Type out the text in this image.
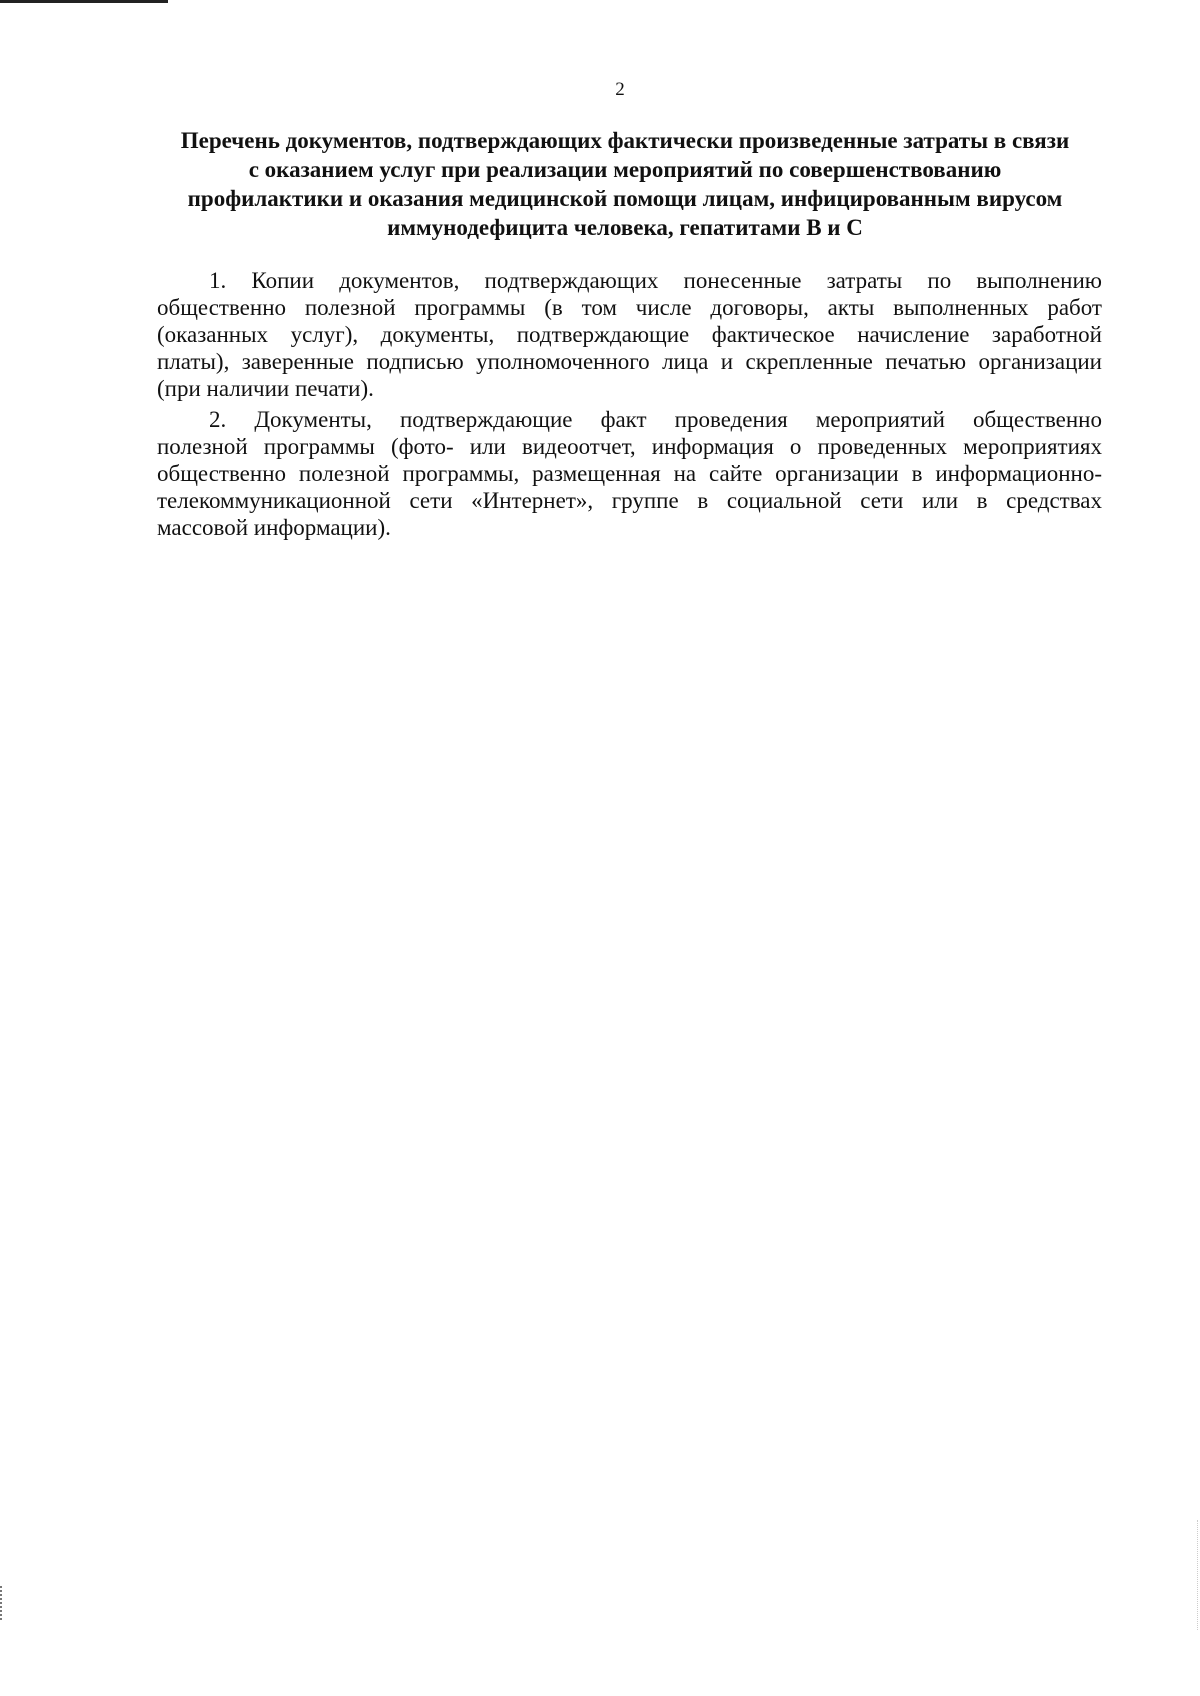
2
Перечень документов, подтверждающих фактически произведенные затраты в связи
с оказанием услуг при реализации мероприятий по совершенствованию
профилактики и оказания медицинской помощи лицам, инфицированным вирусом
иммунодефицита человека, гепатитами В и С

1. Копии документов, подтверждающих понесенные затраты по выполнению
общественно полезной программы (в том числе договоры, акты выполненных работ
(оказанных услуг), документы, подтверждающие фактическое начисление заработной
платы), заверенные подписью уполномоченного лица и скрепленные печатью организации
(при наличии печати).

2. Документы, подтверждающие факт проведения мероприятий общественно
полезной программы (фото- или видеоотчет, информация о проведенных мероприятиях
общественно полезной программы, размещенная на сайте организации в информационно-
телекоммуникационной сети «Интернет», группе в социальной сети или в средствах
массовой информации).
